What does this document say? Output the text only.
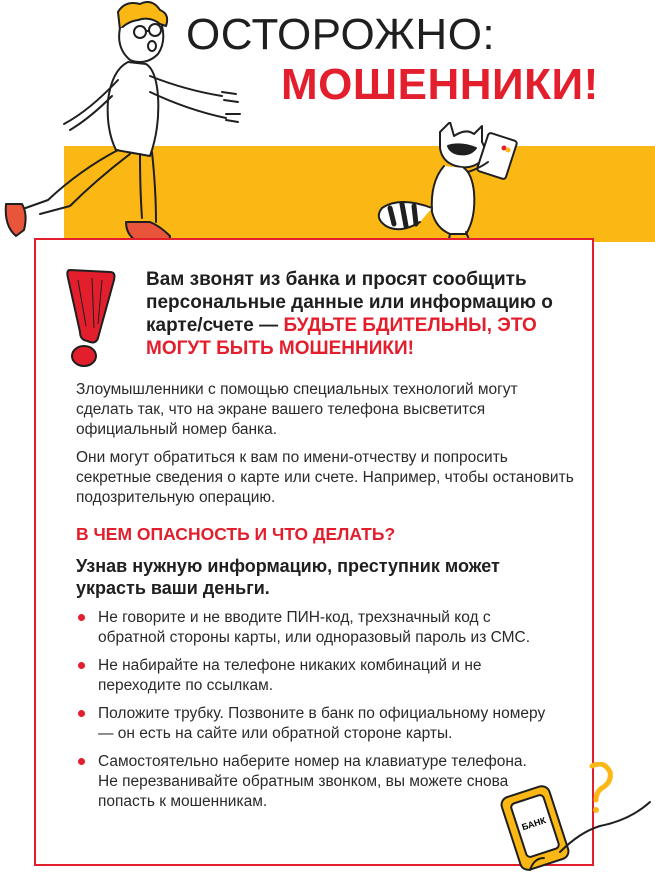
ОСТОРОЖНО:
МОШЕННИКИ!
Вам звонят из банка и просят сообщить персональные данные или информацию о карте/счете — БУДЬТЕ БДИТЕЛЬНЫ, ЭТО МОГУТ БЫТЬ МОШЕННИКИ!
Злоумышленники с помощью специальных технологий могут сделать так, что на экране вашего телефона высветится официальный номер банка.
Они могут обратиться к вам по имени-отчеству и попросить секретные сведения о карте или счете. Например, чтобы остановить подозрительную операцию.
В ЧЕМ ОПАСНОСТЬ И ЧТО ДЕЛАТЬ?
Узнав нужную информацию, преступник может украсть ваши деньги.
Не говорите и не вводите ПИН-код, трехзначный код с обратной стороны карты, или одноразовый пароль из СМС.
Не набирайте на телефоне никаких комбинаций и не переходите по ссылкам.
Положите трубку. Позвоните в банк по официальному номеру — он есть на сайте или обратной стороне карты.
Самостоятельно наберите номер на клавиатуре телефона. Не перезванивайте обратным звонком, вы можете снова попасть к мошенникам.
БАНК
